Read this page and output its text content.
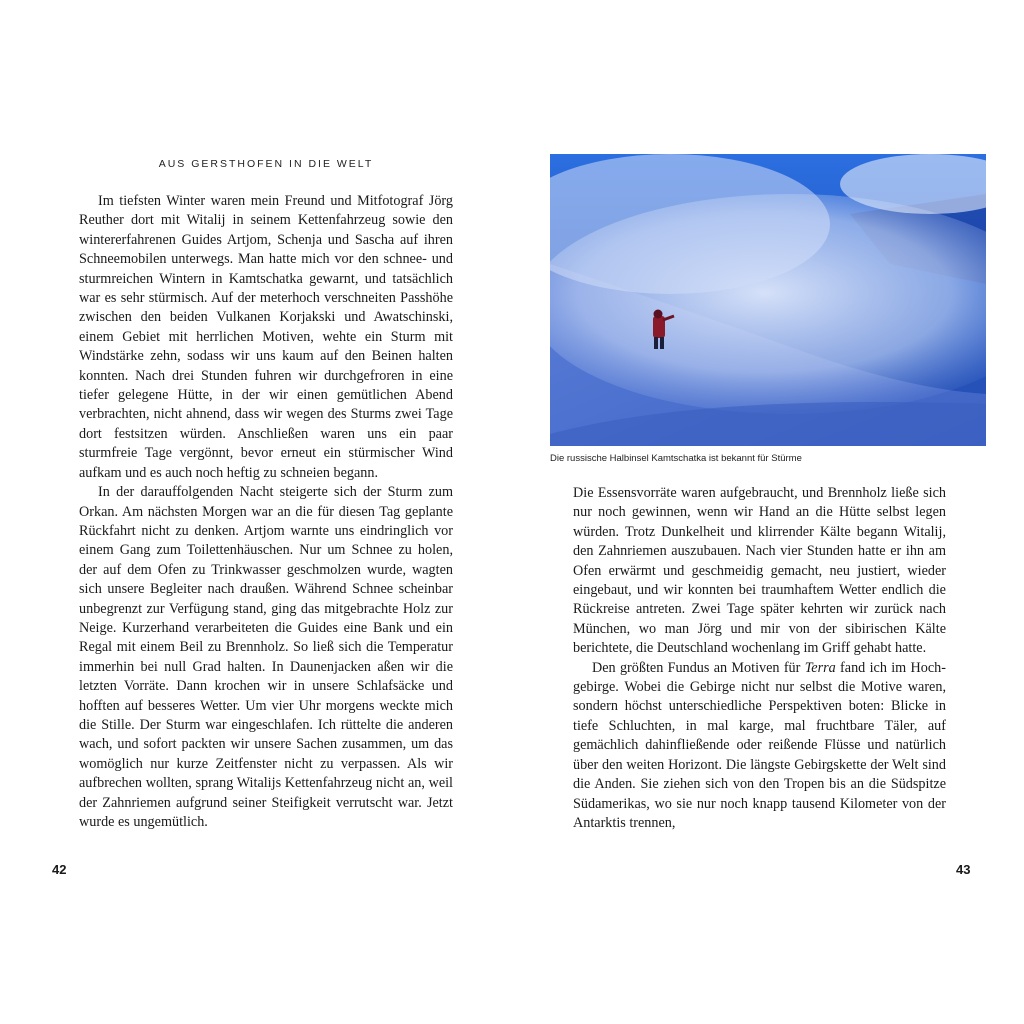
AUS GERSTHOFEN IN DIE WELT

Im tiefsten Winter waren mein Freund und Mitfotograf Jörg Reuther dort mit Witalij in seinem Kettenfahrzeug sowie den wintererfahrenen Guides Artjom, Schenja und Sascha auf ihren Schneemobilen unterwegs. Man hatte mich vor den schnee- und sturmreichen Wintern in Kamtschatka gewarnt, und tatsächlich war es sehr stürmisch. Auf der meterhoch verschneiten Passhöhe zwischen den beiden Vulkanen Korjakski und Awatschinski, einem Gebiet mit herrlichen Motiven, wehte ein Sturm mit Windstärke zehn, sodass wir uns kaum auf den Beinen halten konnten. Nach drei Stunden fuhren wir durchgefroren in eine tiefer gelegene Hütte, in der wir einen gemütlichen Abend verbrachten, nicht ahnend, dass wir wegen des Sturms zwei Tage dort festsitzen würden. Anschließen waren uns ein paar sturmfreie Tage vergönnt, bevor erneut ein stürmischer Wind aufkam und es auch noch heftig zu schneien begann.

In der darauffolgenden Nacht steigerte sich der Sturm zum Orkan. Am nächsten Morgen war an die für diesen Tag geplante Rückfahrt nicht zu denken. Artjom warnte uns eindringlich vor einem Gang zum Toilettenhäuschen. Nur um Schnee zu holen, der auf dem Ofen zu Trinkwasser geschmolzen wurde, wagten sich unsere Begleiter nach draußen. Während Schnee scheinbar unbegrenzt zur Verfügung stand, ging das mitgebrachte Holz zur Neige. Kurzerhand verarbeiteten die Guides eine Bank und ein Regal mit einem Beil zu Brennholz. So ließ sich die Temperatur immerhin bei null Grad halten. In Daunenjacken aßen wir die letzten Vorräte. Dann krochen wir in unsere Schlafsäcke und hofften auf besseres Wetter. Um vier Uhr morgens weckte mich die Stille. Der Sturm war eingeschlafen. Ich rüttelte die anderen wach, und sofort packten wir unsere Sachen zusammen, um das womöglich nur kurze Zeitfenster nicht zu verpassen. Als wir aufbrechen wollten, sprang Witalijs Kettenfahrzeug nicht an, weil der Zahnriemen aufgrund seiner Steifigkeit verrutscht war. Jetzt wurde es ungemütlich.

42
Die russische Halbinsel Kamtschatka ist bekannt für Stürme

Die Essensvorräte waren aufgebraucht, und Brennholz ließe sich nur noch gewinnen, wenn wir Hand an die Hütte selbst legen würden. Trotz Dunkelheit und klirrender Kälte begann Witalij, den Zahnriemen auszubauen. Nach vier Stunden hatte er ihn am Ofen erwärmt und geschmeidig gemacht, neu justiert, wieder eingebaut, und wir konnten bei traumhaftem Wetter endlich die Rückreise antreten. Zwei Tage später kehrten wir zurück nach München, wo man Jörg und mir von der sibirischen Kälte berichtete, die Deutschland wochenlang im Griff gehabt hatte.

Den größten Fundus an Motiven für Terra fand ich im Hochgebirge. Wobei die Gebirge nicht nur selbst die Motive waren, sondern höchst unterschiedliche Perspektiven boten: Blicke in tiefe Schluchten, in mal karge, mal fruchtbare Täler, auf gemächlich dahinfließende oder reißende Flüsse und natürlich über den weiten Horizont. Die längste Gebirgskette der Welt sind die Anden. Sie ziehen sich von den Tropen bis an die Südspitze Südamerikas, wo sie nur noch knapp tausend Kilometer von der Antarktis trennen,

43
